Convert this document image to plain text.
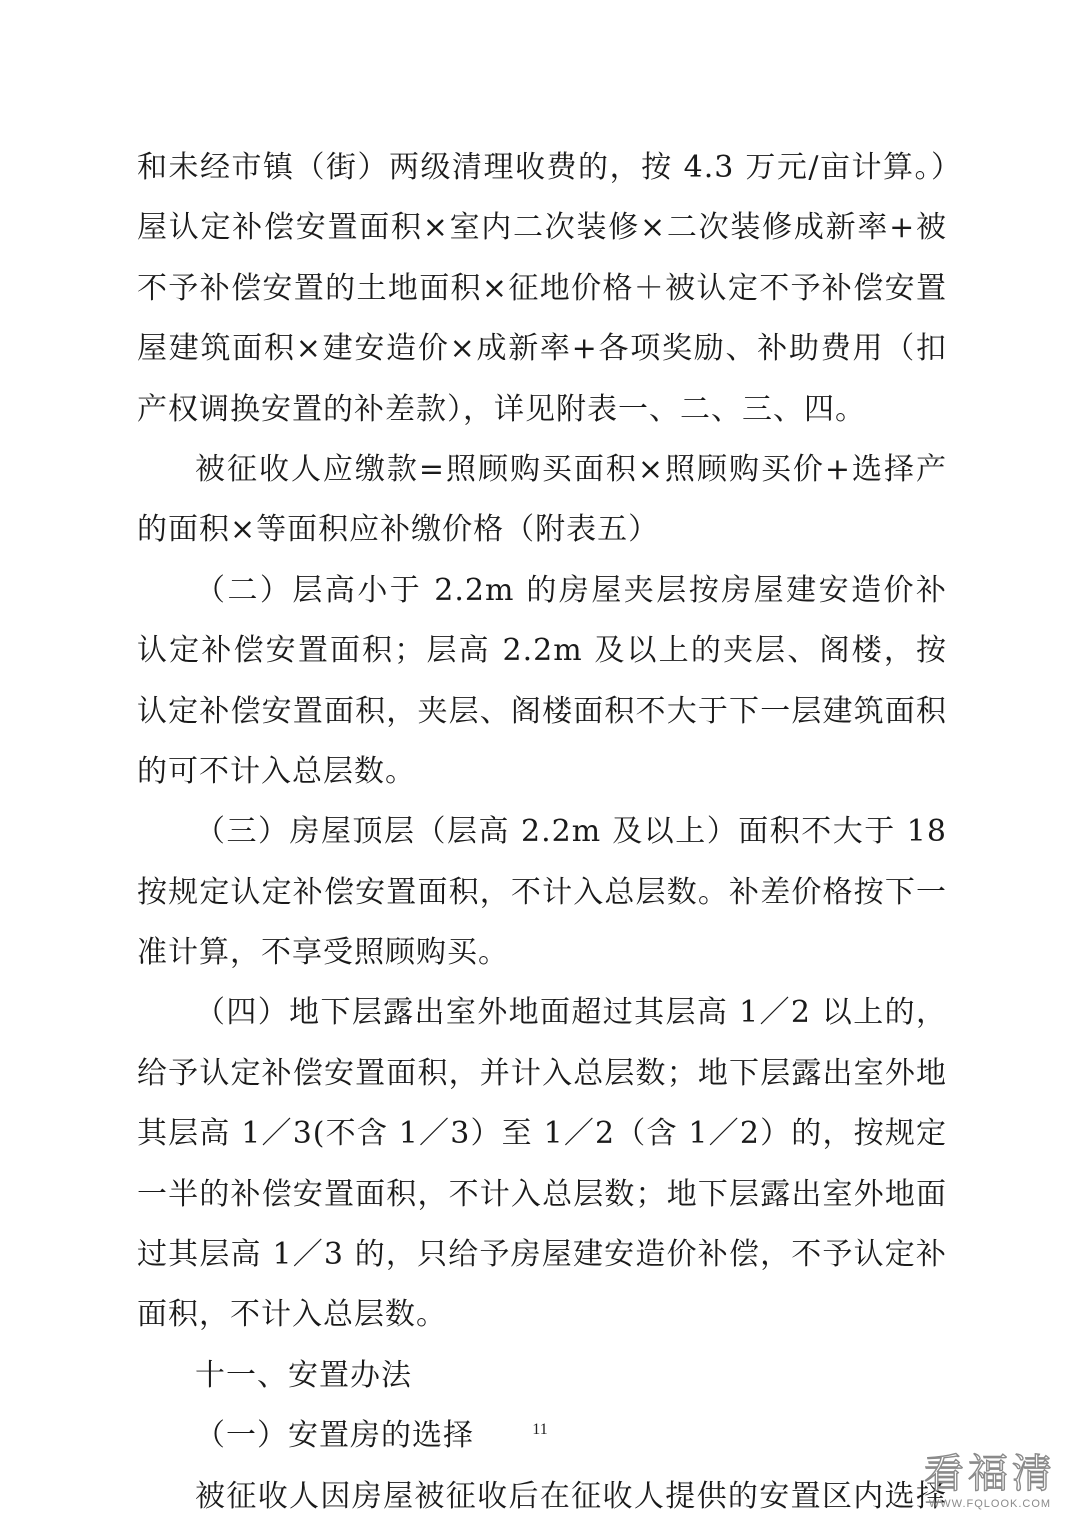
和未经市镇（街）两级清理收费的，按 4.3 万元/亩计算。）
屋认定补偿安置面积×室内二次装修×二次装修成新率+被
不予补偿安置的土地面积×征地价格＋被认定不予补偿安置
屋建筑面积×建安造价×成新率+各项奖励、补助费用（扣
产权调换安置的补差款），详见附表一、二、三、四。
被征收人应缴款=照顾购买面积×照顾购买价+选择产
的面积×等面积应补缴价格（附表五）
（二）层高小于 2.2m 的房屋夹层按房屋建安造价补
认定补偿安置面积；层高 2.2m 及以上的夹层、阁楼，按
认定补偿安置面积，夹层、阁楼面积不大于下一层建筑面积
的可不计入总层数。
（三）房屋顶层（层高 2.2m 及以上）面积不大于 18
按规定认定补偿安置面积，不计入总层数。补差价格按下一
准计算，不享受照顾购买。
（四）地下层露出室外地面超过其层高 1／2 以上的，
给予认定补偿安置面积，并计入总层数；地下层露出室外地
其层高 1／3(不含 1／3）至 1／2（含 1／2）的，按规定
一半的补偿安置面积，不计入总层数；地下层露出室外地面
过其层高 1／3 的，只给予房屋建安造价补偿，不予认定补
面积，不计入总层数。
十一、安置办法
（一）安置房的选择
被征收人因房屋被征收后在征收人提供的安置区内选择
11
看福清
WWW.FQLOOK.COM
